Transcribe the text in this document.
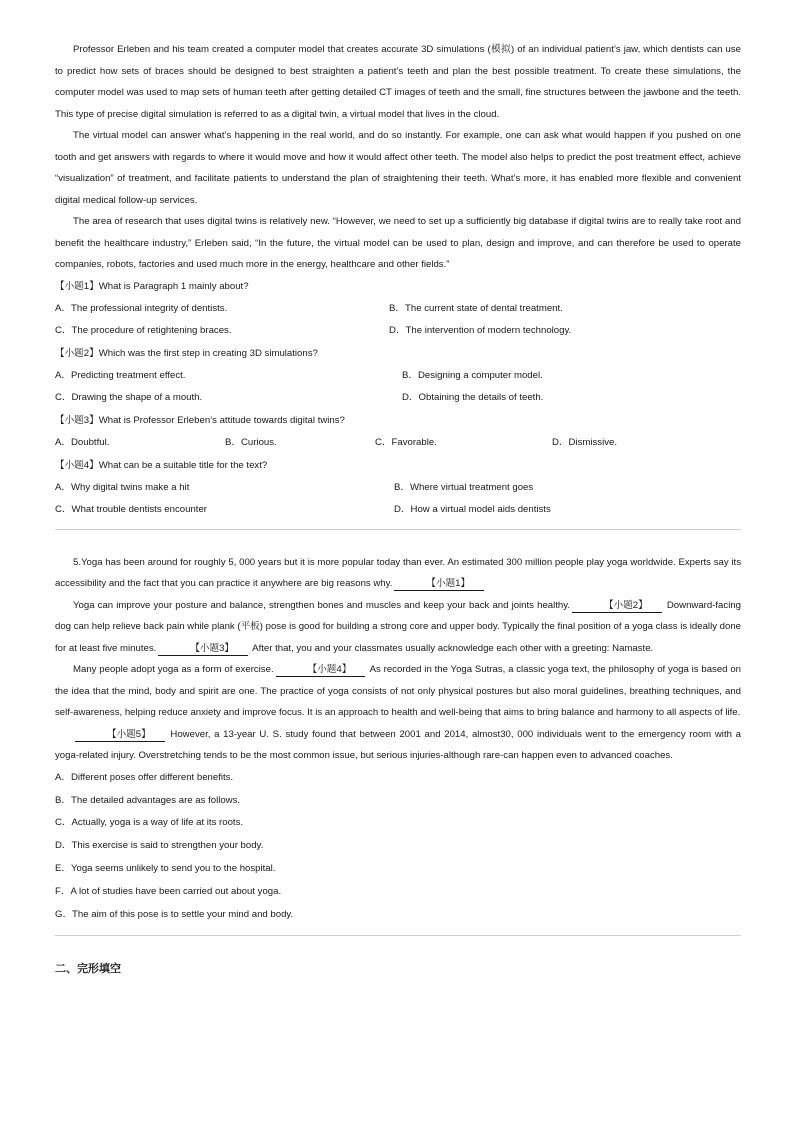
Professor Erleben and his team created a computer model that creates accurate 3D simulations (模拟) of an individual patient’s jaw, which dentists can use to predict how sets of braces should be designed to best straighten a patient’s teeth and plan the best possible treatment. To create these simulations, the computer model was used to map sets of human teeth after getting detailed CT images of teeth and the small, fine structures between the jawbone and the teeth. This type of precise digital simulation is referred to as a digital twin, a virtual model that lives in the cloud.

The virtual model can answer what’s happening in the real world, and do so instantly. For example, one can ask what would happen if you pushed on one tooth and get answers with regards to where it would move and how it would affect other teeth. The model also helps to predict the post treatment effect, achieve “visualization” of treatment, and facilitate patients to understand the plan of straightening their teeth. What’s more, it has enabled more flexible and convenient digital medical follow-up services.

The area of research that uses digital twins is relatively new. “However, we need to set up a sufficiently big database if digital twins are to really take root and benefit the healthcare industry,” Erleben said, “In the future, the virtual model can be used to plan, design and improve, and can therefore be used to operate companies, robots, factories and used much more in the energy, healthcare and other fields.”

【小题1】What is Paragraph 1 mainly about?

A．The professional integrity of dentists.	B．The current state of dental treatment.
C．The procedure of retightening braces.	D．The intervention of modern technology.

【小题2】Which was the first step in creating 3D simulations?

A．Predicting treatment effect.	B．Designing a computer model.
C．Drawing the shape of a mouth.	D．Obtaining the details of teeth.

【小题3】What is Professor Erleben’s attitude towards digital twins?

A．Doubtful.	B．Curious.	C．Favorable.	D．Dismissive.

【小题4】What can be a suitable title for the text?

A．Why digital twins make a hit	B．Where virtual treatment goes
C．What trouble dentists encounter	D．How a virtual model aids dentists

5.Yoga has been around for roughly 5, 000 years but it is more popular today than ever. An estimated 300 million people play yoga worldwide. Experts say its accessibility and the fact that you can practice it anywhere are big reasons why.	【小题1】

Yoga can improve your posture and balance, strengthen bones and muscles and keep your back and joints healthy.	【小题2】 Downward-facing dog can help relieve back pain while plank (平板) pose is good for building a strong core and upper body. Typically the final position of a yoga class is ideally done for at least five minutes.	【小题3】 After that, you and your classmates usually acknowledge each other with a greeting: Namaste.

Many people adopt yoga as a form of exercise.	【小题4】 As recorded in the Yoga Sutras, a classic yoga text, the philosophy of yoga is based on the idea that the mind, body and spirit are one. The practice of yoga consists of not only physical postures but also moral guidelines, breathing techniques, and self-awareness, helping reduce anxiety and improve focus. It is an approach to health and well-being that aims to bring balance and harmony to all aspects of life.

【小题5】 However, a 13-year U. S. study found that between 2001 and 2014, almost30, 000 individuals went to the emergency room with a yoga-related injury. Overstretching tends to be the most common issue, but serious injuries-although rare-can happen even to advanced coaches.

A．Different poses offer different benefits.

B．The detailed advantages are as follows.

C．Actually, yoga is a way of life at its roots.

D．This exercise is said to strengthen your body.

E．Yoga seems unlikely to send you to the hospital.

F．A lot of studies have been carried out about yoga.

G．The aim of this pose is to settle your mind and body.

二、完形填空
